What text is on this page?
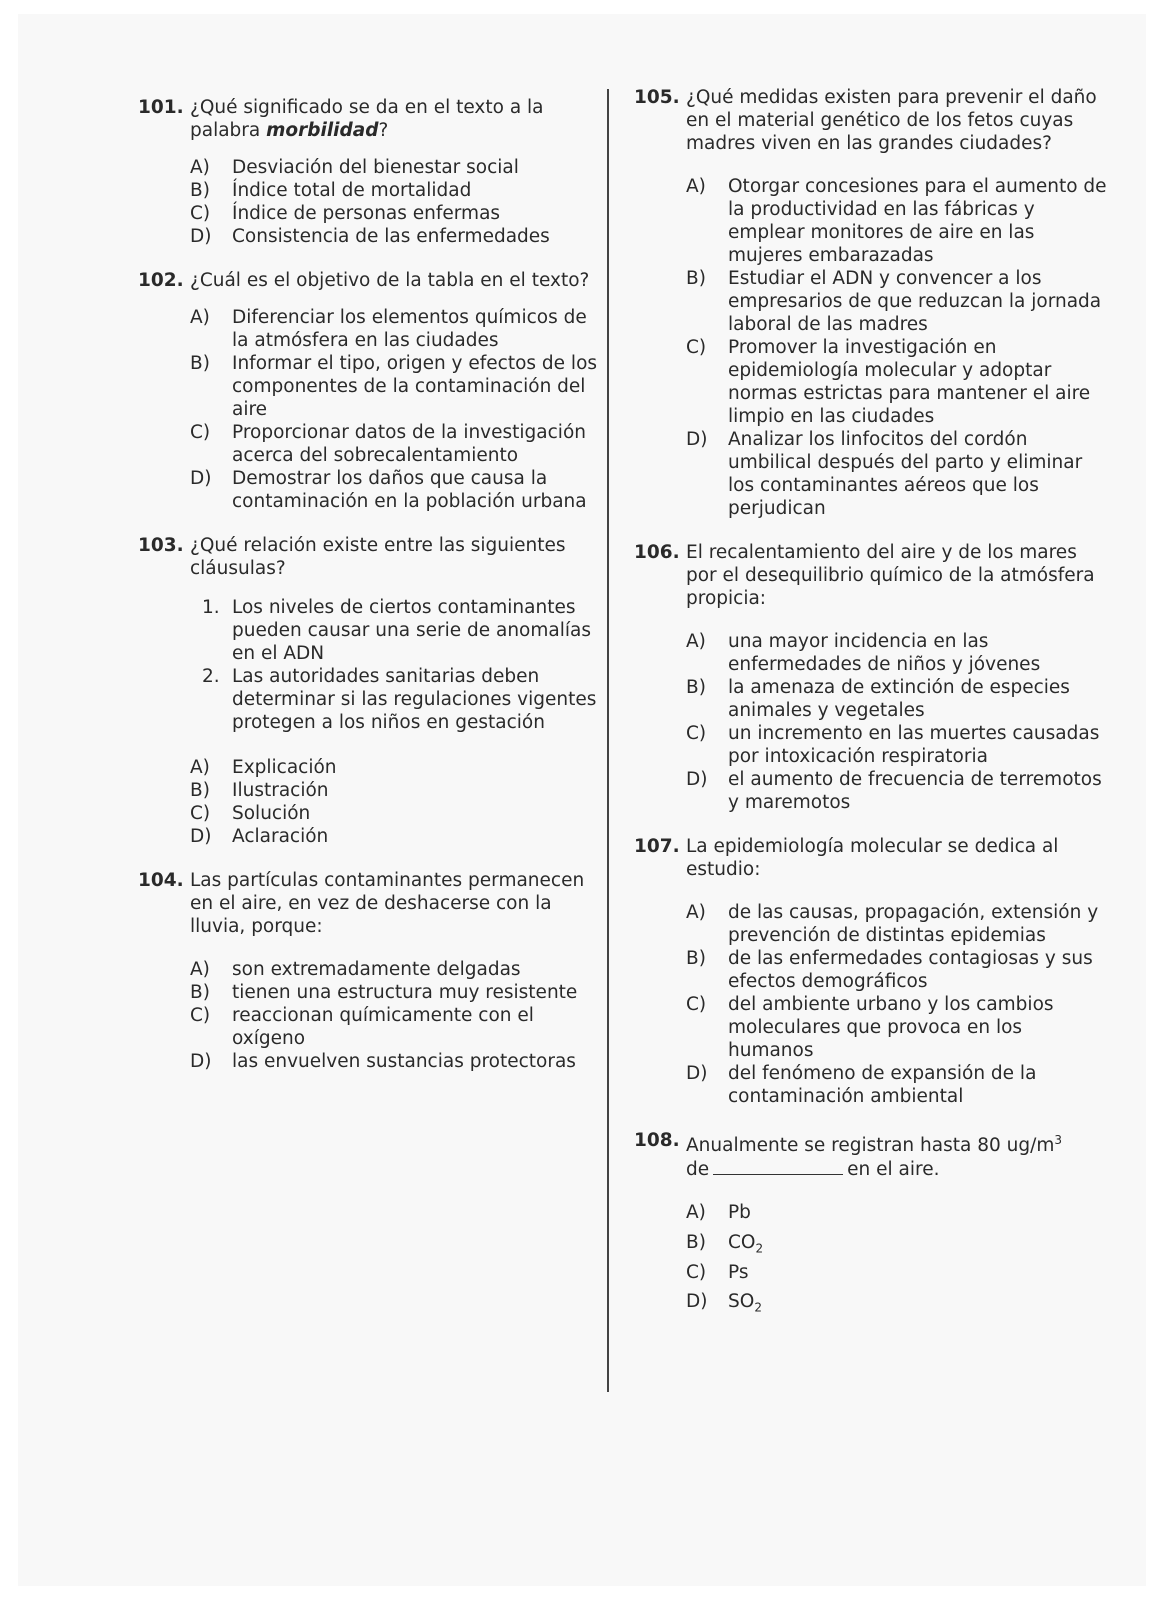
101. ¿Qué significado se da en el texto a la palabra morbilidad?
A)	Desviación del bienestar social
B)	Índice total de mortalidad
C)	Índice de personas enfermas
D)	Consistencia de las enfermedades
102. ¿Cuál es el objetivo de la tabla en el texto?
A)	Diferenciar los elementos químicos de la atmósfera en las ciudades
B)	Informar el tipo, origen y efectos de los componentes de la contaminación del aire
C)	Proporcionar datos de la investigación acerca del sobrecalentamiento
D)	Demostrar los daños que causa la contaminación en la población urbana
103. ¿Qué relación existe entre las siguientes cláusulas?
1. Los niveles de ciertos contaminantes pueden causar una serie de anomalías en el ADN
2. Las autoridades sanitarias deben determinar si las regulaciones vigentes protegen a los niños en gestación
A)	Explicación
B)	Ilustración
C)	Solución
D)	Aclaración
104. Las partículas contaminantes permanecen en el aire, en vez de deshacerse con la lluvia, porque:
A)	son extremadamente delgadas
B)	tienen una estructura muy resistente
C)	reaccionan químicamente con el oxígeno
D)	las envuelven sustancias protectoras
105. ¿Qué medidas existen para prevenir el daño en el material genético de los fetos cuyas madres viven en las grandes ciudades?
A)	Otorgar concesiones para el aumento de la productividad en las fábricas y emplear monitores de aire en las mujeres embarazadas
B)	Estudiar el ADN y convencer a los empresarios de que reduzcan la jornada laboral de las madres
C)	Promover la investigación en epidemiología molecular y adoptar normas estrictas para mantener el aire limpio en las ciudades
D)	Analizar los linfocitos del cordón umbilical después del parto y eliminar los contaminantes aéreos que los perjudican
106. El recalentamiento del aire y de los mares por el desequilibrio químico de la atmósfera propicia:
A)	una mayor incidencia en las enfermedades de niños y jóvenes
B)	la amenaza de extinción de especies animales y vegetales
C)	un incremento en las muertes causadas por intoxicación respiratoria
D)	el aumento de frecuencia de terremotos y maremotos
107. La epidemiología molecular se dedica al estudio:
A)	de las causas, propagación, extensión y prevención de distintas epidemias
B)	de las enfermedades contagiosas y sus efectos demográficos
C)	del ambiente urbano y los cambios moleculares que provoca en los humanos
D)	del fenómeno de expansión de la contaminación ambiental
108. Anualmente se registran hasta 80 $ug/m^3$
de	en el aire.
A)	Pb
B)	$CO_2$
C)	Ps
D)	$SO_2$
